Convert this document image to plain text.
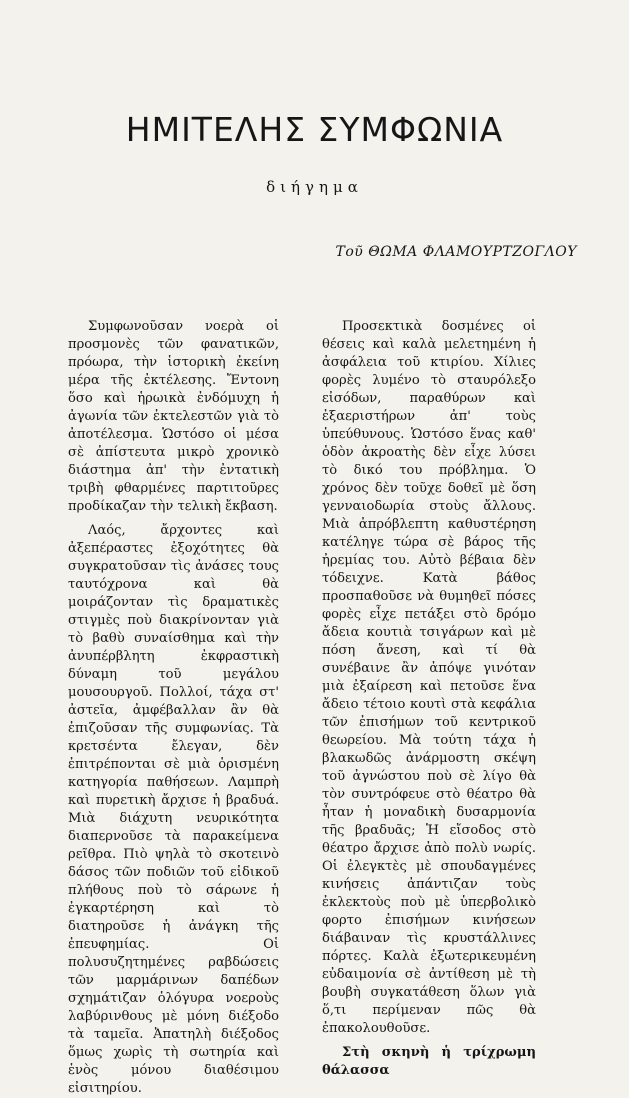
ΗΜΙΤΕΛΗΣ ΣΥΜΦΩΝΙΑ
διήγημα
Τοῦ ΘΩΜΑ ΦΛΑΜΟΥΡΤΖΟΓΛΟΥ

Συμφωνοῦσαν νοερὰ οἱ προσμονὲς τῶν φανατικῶν, πρόωρα, τὴν ἱστορικὴ ἐκείνη μέρα τῆς ἐκτέλεσης. Ἔντονη ὅσο καὶ ἡρωικὰ ἐνδόμυχη ἡ ἀγωνία τῶν ἐκτελεστῶν γιὰ τὸ ἀποτέλεσμα. Ὡστόσο οἱ μέσα σὲ ἀπίστευτα μικρὸ χρονικὸ διάστημα ἀπ' τὴν ἐντατικὴ τριβὴ φθαρμένες παρτιτοῦρες προδίκαζαν τὴν τελικὴ ἔκβαση.

Λαός, ἄρχοντες καὶ ἀξεπέραστες ἐξοχότητες θὰ συγκρατοῦσαν τὶς ἀνάσες τους ταυτόχρονα καὶ θὰ μοιράζονταν τὶς δραματικὲς στιγμὲς ποὺ διακρίνονταν γιὰ τὸ βαθὺ συναίσθημα καὶ τὴν ἀνυπέρβλητη ἐκφραστικὴ δύναμη τοῦ μεγάλου μουσουργοῦ. Πολλοί, τάχα στ' ἀστεῖα, ἀμφέβαλλαν ἂν θὰ ἐπιζοῦσαν τῆς συμφωνίας. Τὰ κρετσέντα ἔλεγαν, δὲν ἐπιτρέπονται σὲ μιὰ ὁρισμένη κατηγορία παθήσεων. Λαμπρὴ καὶ πυρετικὴ ἄρχισε ἡ βραδυά. Μιὰ διάχυτη νευρικότητα διαπερνοῦσε τὰ παρακείμενα ρεῖθρα. Πιὸ ψηλὰ τὸ σκοτεινὸ δάσος τῶν ποδιῶν τοῦ εἰδικοῦ πλήθους ποὺ τὸ σάρωνε ἡ ἐγκαρτέρηση καὶ τὸ διατηροῦσε ἡ ἀνάγκη τῆς ἐπευφημίας. Οἱ πολυσυζητημένες ραβδώσεις τῶν μαρμάρινων δαπέδων σχημάτιζαν ὁλόγυρα νοεροὺς λαβύρινθους μὲ μόνη διέξοδο τὰ ταμεῖα. Ἀπατηλὴ διέξοδος ὅμως χωρὶς τὴ σωτηρία καὶ ἑνὸς μόνου διαθέσιμου εἰσιτηρίου.

Προσεκτικὰ δοσμένες οἱ θέσεις καὶ καλὰ μελετημένη ἡ ἀσφάλεια τοῦ κτιρίου. Χίλιες φορὲς λυμένο τὸ σταυρόλεξο εἰσόδων, παραθύρων καὶ ἐξαεριστήρων ἀπ' τοὺς ὑπεύθυνους. Ὡστόσο ἕνας καθ' ὁδὸν ἀκροατὴς δὲν εἶχε λύσει τὸ δικό του πρόβλημα. Ὁ χρόνος δὲν τοῦχε δοθεῖ μὲ ὅση γενναιοδωρία στοὺς ἄλλους. Μιὰ ἀπρόβλεπτη καθυστέρηση κατέληγε τώρα σὲ βάρος τῆς ἠρεμίας του. Αὐτὸ βέβαια δὲν τόδειχνε. Κατὰ βάθος προσπαθοῦσε νὰ θυμηθεῖ πόσες φορὲς εἶχε πετάξει στὸ δρόμο ἄδεια κουτιὰ τσιγάρων καὶ μὲ πόση ἄνεση, καὶ τί θὰ συνέβαινε ἂν ἀπόψε γινόταν μιὰ ἐξαίρεση καὶ πετοῦσε ἕνα ἄδειο τέτοιο κουτὶ στὰ κεφάλια τῶν ἐπισήμων τοῦ κεντρικοῦ θεωρείου. Μὰ τούτη τάχα ἡ βλακωδῶς ἀνάρμοστη σκέψη τοῦ ἀγνώστου ποὺ σὲ λίγο θὰ τὸν συντρόφευε στὸ θέατρο θὰ ἦταν ἡ μοναδικὴ δυσαρμονία τῆς βραδυᾶς; Ἡ εἴσοδος στὸ θέατρο ἄρχισε ἀπὸ πολὺ νωρίς. Οἱ ἐλεγκτὲς μὲ σπουδαγμένες κινήσεις ἀπάντιζαν τοὺς ἐκλεκτοὺς ποὺ μὲ ὑπερβολικὸ φορτο ἐπισήμων κινήσεων διάβαιναν τὶς κρυστάλλινες πόρτες. Καλὰ ἐξωτερικευμένη εὐδαιμονία σὲ ἀντίθεση μὲ τὴ βουβὴ συγκατάθεση ὅλων γιὰ ὅ,τι περίμεναν πῶς θὰ ἐπακολουθοῦσε.

Στὴ σκηνὴ ἡ τρίχρωμη θάλασσα
